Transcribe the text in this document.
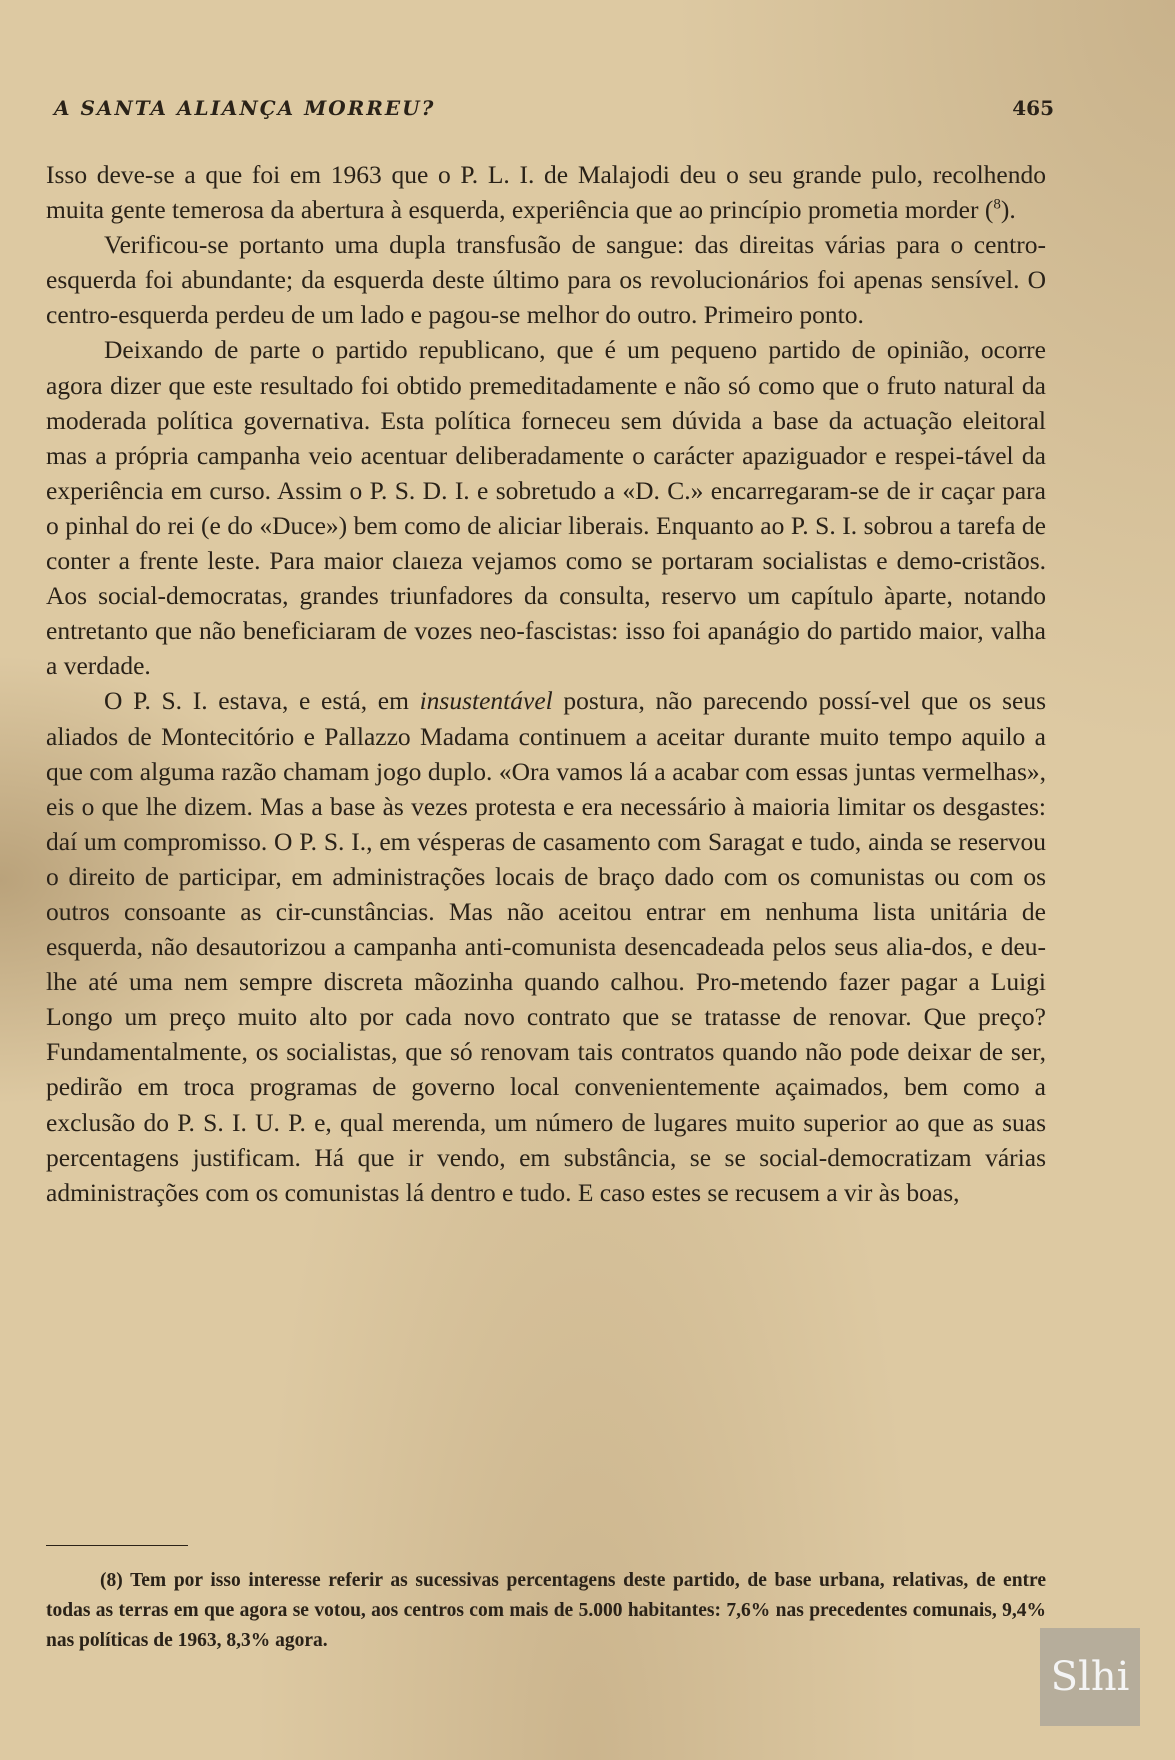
A SANTA ALIANÇA MORREU?	465

Isso deve-se a que foi em 1963 que o P. L. I. de Malajodi deu o seu grande pulo, recolhendo muita gente temerosa da abertura à esquerda, experiência que ao princípio prometia morder ($^8$).

Verificou-se portanto uma dupla transfusão de sangue: das direitas várias para o centro-esquerda foi abundante; da esquerda deste último para os revolucionários foi apenas sensível. O centro-esquerda perdeu de um lado e pagou-se melhor do outro. Primeiro ponto.

Deixando de parte o partido republicano, que é um pequeno partido de opinião, ocorre agora dizer que este resultado foi obtido premeditadamente e não só como que o fruto natural da moderada política governativa. Esta política forneceu sem dúvida a base da actuação eleitoral mas a própria campanha veio acentuar deliberadamente o carácter apaziguador e respei-tável da experiência em curso. Assim o P. S. D. I. e sobretudo a «D. C.» encarregaram-se de ir caçar para o pinhal do rei (e do «Duce») bem como de aliciar liberais. Enquanto ao P. S. I. sobrou a tarefa de conter a frente leste. Para maior claıeza vejamos como se portaram socialistas e demo-cristãos. Aos social-democratas, grandes triunfadores da consulta, reservo um capítulo àparte, notando entretanto que não beneficiaram de vozes neo-fascistas: isso foi apanágio do partido maior, valha a verdade.

O P. S. I. estava, e está, em insustentável postura, não parecendo possí-vel que os seus aliados de Montecitório e Pallazzo Madama continuem a aceitar durante muito tempo aquilo a que com alguma razão chamam jogo duplo. «Ora vamos lá a acabar com essas juntas vermelhas», eis o que lhe dizem. Mas a base às vezes protesta e era necessário à maioria limitar os desgastes: daí um compromisso. O P. S. I., em vésperas de casamento com Saragat e tudo, ainda se reservou o direito de participar, em administrações locais de braço dado com os comunistas ou com os outros consoante as cir-cunstâncias. Mas não aceitou entrar em nenhuma lista unitária de esquerda, não desautorizou a campanha anti-comunista desencadeada pelos seus alia-dos, e deu-lhe até uma nem sempre discreta mãozinha quando calhou. Pro-metendo fazer pagar a Luigi Longo um preço muito alto por cada novo contrato que se tratasse de renovar. Que preço? Fundamentalmente, os socialistas, que só renovam tais contratos quando não pode deixar de ser, pedirão em troca programas de governo local convenientemente açaimados, bem como a exclusão do P. S. I. U. P. e, qual merenda, um número de lugares muito superior ao que as suas percentagens justificam. Há que ir vendo, em substância, se se social-democratizam várias administrações com os comunistas lá dentro e tudo. E caso estes se recusem a vir às boas,

(8) Tem por isso interesse referir as sucessivas percentagens deste partido, de base urbana, relativas, de entre todas as terras em que agora se votou, aos centros com mais de 5.000 habitantes: 7,6% nas precedentes comunais, 9,4% nas políticas de 1963, 8,3% agora.
Slhi
